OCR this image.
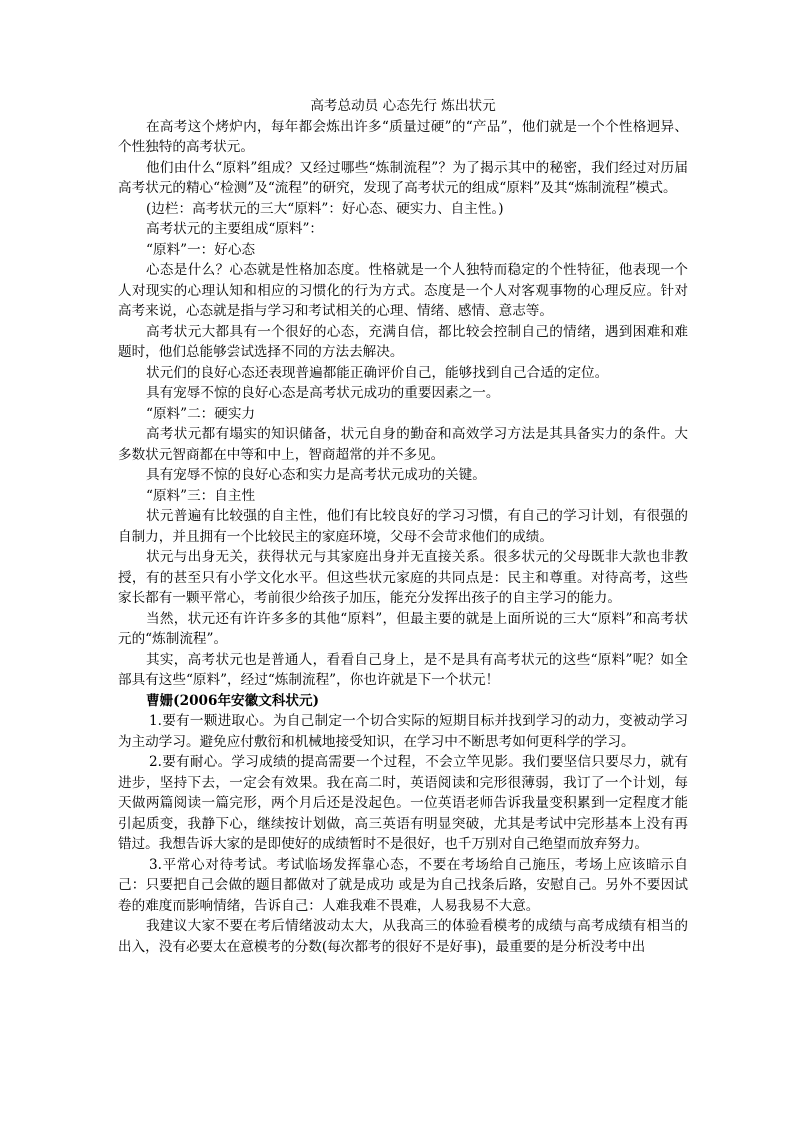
高考总动员 心态先行 炼出状元

在高考这个烤炉内，每年都会炼出许多“质量过硬”的“产品”，他们就是一个个性格迥异、个性独特的高考状元。

他们由什么“原料”组成？又经过哪些“炼制流程”？为了揭示其中的秘密，我们经过对历届高考状元的精心“检测”及“流程”的研究，发现了高考状元的组成“原料”及其“炼制流程”模式。

(边栏：高考状元的三大“原料”：好心态、硬实力、自主性。)

高考状元的主要组成“原料”：

“原料”一：好心态

心态是什么？心态就是性格加态度。性格就是一个人独特而稳定的个性特征，他表现一个人对现实的心理认知和相应的习惯化的行为方式。态度是一个人对客观事物的心理反应。针对高考来说，心态就是指与学习和考试相关的心理、情绪、感情、意志等。

高考状元大都具有一个很好的心态，充满自信，都比较会控制自己的情绪，遇到困难和难题时，他们总能够尝试选择不同的方法去解决。

状元们的良好心态还表现普遍都能正确评价自己，能够找到自己合适的定位。

具有宠辱不惊的良好心态是高考状元成功的重要因素之一。

“原料”二：硬实力

高考状元都有塌实的知识储备，状元自身的勤奋和高效学习方法是其具备实力的条件。大多数状元智商都在中等和中上，智商超常的并不多见。

具有宠辱不惊的良好心态和实力是高考状元成功的关键。

“原料”三：自主性

状元普遍有比较强的自主性，他们有比较良好的学习习惯，有自己的学习计划，有很强的自制力，并且拥有一个比较民主的家庭环境，父母不会苛求他们的成绩。

状元与出身无关，获得状元与其家庭出身并无直接关系。很多状元的父母既非大款也非教授，有的甚至只有小学文化水平。但这些状元家庭的共同点是：民主和尊重。对待高考，这些家长都有一颗平常心，考前很少给孩子加压，能充分发挥出孩子的自主学习的能力。

当然，状元还有许许多多的其他“原料”，但最主要的就是上面所说的三大“原料”和高考状元的“炼制流程”。

其实，高考状元也是普通人，看看自己身上，是不是具有高考状元的这些“原料”呢？如全部具有这些“原料”，经过“炼制流程”，你也许就是下一个状元！

曹姗(2006年安徽文科状元)

1.要有一颗进取心。为自己制定一个切合实际的短期目标并找到学习的动力，变被动学习为主动学习。避免应付敷衍和机械地接受知识，在学习中不断思考如何更科学的学习。

2.要有耐心。学习成绩的提高需要一个过程，不会立竿见影。我们要坚信只要尽力，就有进步，坚持下去，一定会有效果。我在高二时，英语阅读和完形很薄弱，我订了一个计划，每天做两篇阅读一篇完形，两个月后还是没起色。一位英语老师告诉我量变积累到一定程度才能引起质变，我静下心，继续按计划做，高三英语有明显突破，尤其是考试中完形基本上没有再错过。我想告诉大家的是即使好的成绩暂时不是很好，也千万别对自己绝望而放弃努力。

3.平常心对待考试。考试临场发挥靠心态，不要在考场给自己施压，考场上应该暗示自己：只要把自己会做的题目都做对了就是成功 或是为自己找条后路，安慰自己。另外不要因试卷的难度而影响情绪，告诉自己：人难我难不畏难，人易我易不大意。

我建议大家不要在考后情绪波动太大，从我高三的体验看模考的成绩与高考成绩有相当的出入，没有必要太在意模考的分数(每次都考的很好不是好事)，最重要的是分析没考中出
